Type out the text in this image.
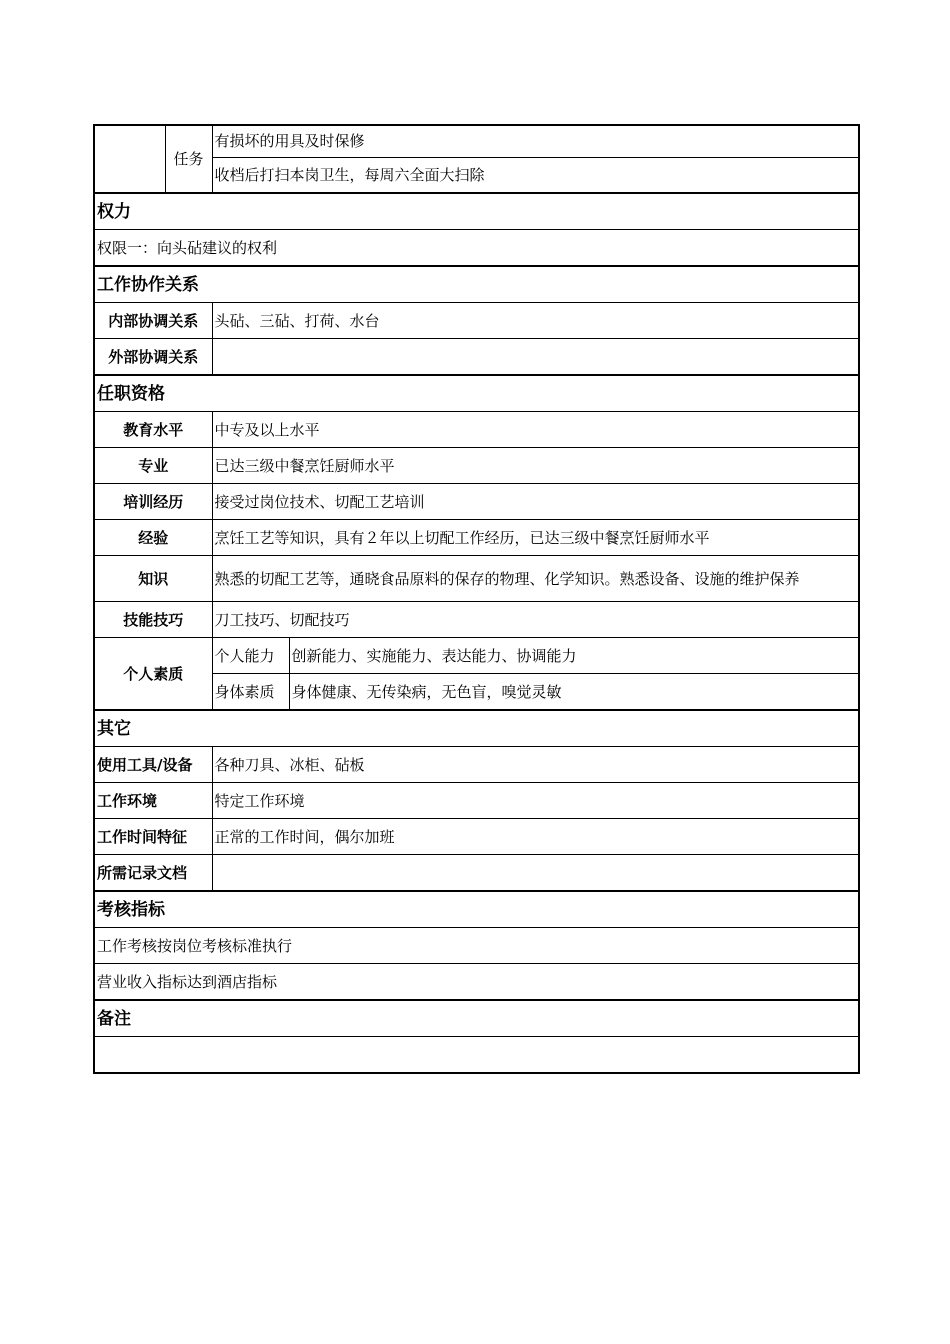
	任务	有损坏的用具及时保修	
		收档后打扫本岗卫生，每周六全面大扫除	
权力			
权限一：向头砧建议的权利			
工作协作关系			
内部协调关系		头砧、三砧、打荷、水台	
外部协调关系			
任职资格			
教育水平		中专及以上水平	
专业		已达三级中餐烹饪厨师水平	
培训经历		接受过岗位技术、切配工艺培训	
经验		烹饪工艺等知识，具有２年以上切配工作经历，已达三级中餐烹饪厨师水平	
知识		熟悉的切配工艺等，通晓食品原料的保存的物理、化学知识。熟悉设备、设施的维护保养	
技能技巧		刀工技巧、切配技巧	
个人素质		个人能力	创新能力、实施能力、表达能力、协调能力
		身体素质	身体健康、无传染病，无色盲，嗅觉灵敏
其它			
使用工具/设备		各种刀具、冰柜、砧板	
工作环境		特定工作环境	
工作时间特征		正常的工作时间，偶尔加班	
所需记录文档			
考核指标			
工作考核按岗位考核标准执行			
营业收入指标达到酒店指标			
备注			
